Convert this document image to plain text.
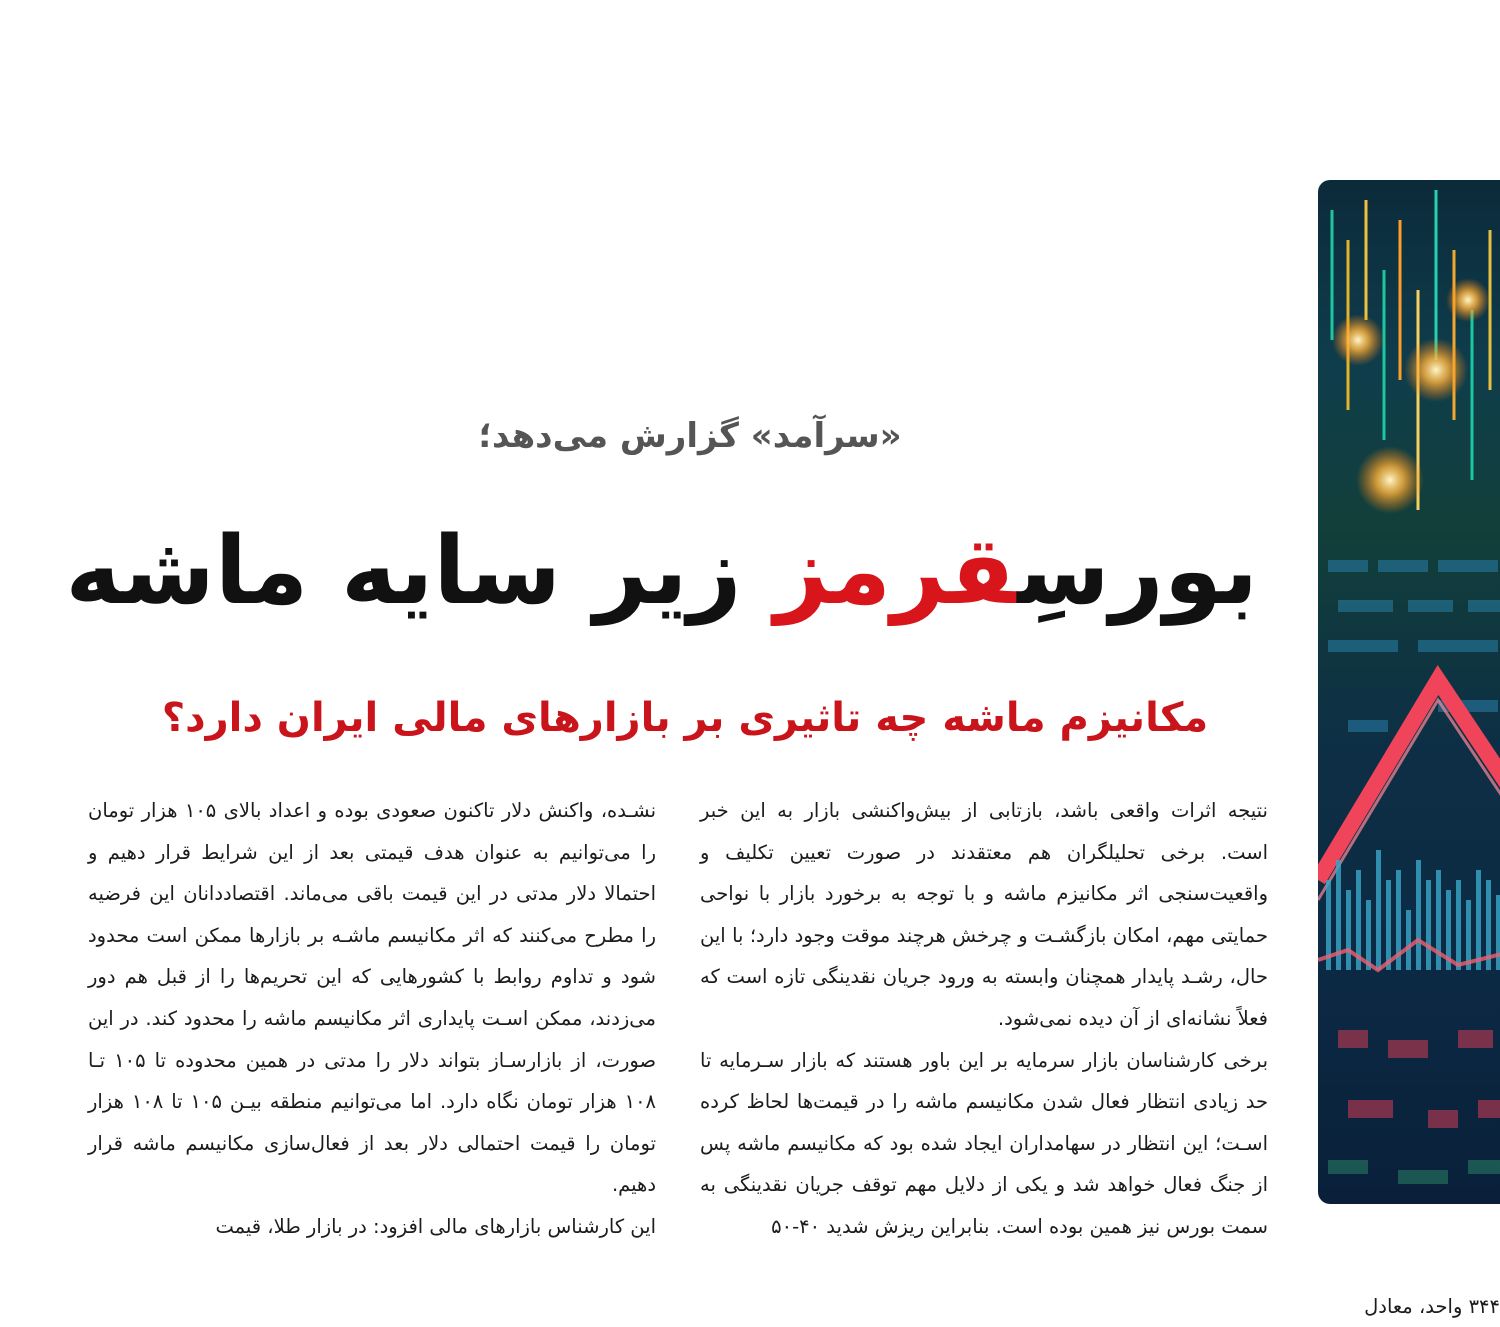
«سرآمد» گزارش می‌دهد؛
بورسِقرمز زیر سایه ماشه
مکانیزم ماشه چه تاثیری بر بازارهای مالی ایران دارد؟

نتیجه اثرات واقعی باشد، بازتابی از بیش‌واکنشی بازار به این خبر است. برخی تحلیلگران هم معتقدند در صورت تعیین تکلیف و واقعیت‌سنجی اثر مکانیزم ماشه و با توجه به برخورد بازار با نواحی حمایتی مهم، امکان بازگشـت و چرخش هرچند موقت وجود دارد؛ با این حال، رشـد پایدار همچنان وابسته به ورود جریان نقدینگی تازه است که فعلاً نشانه‌ای از آن دیده نمی‌شود.

برخی کارشناسان بازار سرمایه بر این باور هستند که بازار سـرمایه تا حد زیادی انتظار فعال شدن مکانیسم ماشه را در قیمت‌ها لحاظ کرده اسـت؛ این انتظار در سهامداران ایجاد شده بود که مکانیسم ماشه پس از جنگ فعال خواهد شد و یکی از دلایل مهم توقف جریان نقدینگی به سمت بورس نیز همین بوده است. بنابراین ریزش شدید ۴۰-۵۰

نشـده، واکنش دلار تاکنون صعودی بوده و اعداد بالای ۱۰۵ هزار تومان را می‌توانیم به عنوان هدف قیمتی بعد از این شرایط قرار دهیم و احتمالا دلار مدتی در این قیمت باقی می‌ماند. اقتصاددانان این فرضیه را مطرح می‌کنند که اثر مکانیسم ماشـه بر بازارها ممکن است محدود شود و تداوم روابط با کشورهایی که این تحریم‌ها را از قبل هم دور می‌زدند، ممکن اسـت پایداری اثر مکانیسم ماشه را محدود کند. در این صورت، از بازارسـاز بتواند دلار را مدتی در همین محدوده تا ۱۰۵ تـا ۱۰۸ هزار تومان نگاه دارد. اما می‌توانیم منطقه بیـن ۱۰۵ تا ۱۰۸ هزار تومان را قیمت احتمالی دلار بعد از فعال‌سازی مکانیسم ماشه قرار دهیم.

این کارشناس بازارهای مالی افزود: در بازار طلا، قیمت

۳۴۴ واحد، معادل
